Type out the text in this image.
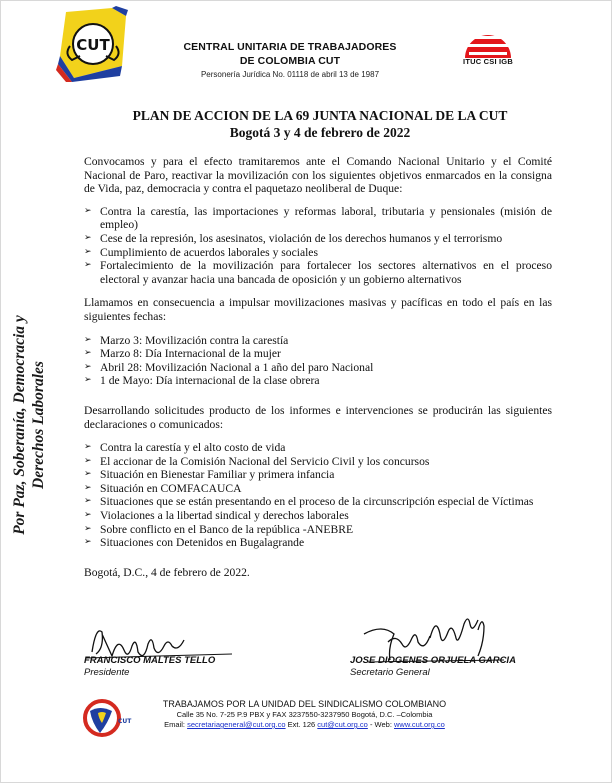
CUT	CENTRAL UNITARIA DE TRABAJADORES
DE COLOMBIA CUT
Personería Jurídica No. 01118 de abril 13 de 1987
ITUC CSI IGB
PLAN DE ACCION DE LA 69 JUNTA NACIONAL DE LA CUT
Bogotá 3 y 4 de febrero de 2022
Por Paz, Soberanía, Democracia y Derechos Laborales

Convocamos y para el efecto tramitaremos ante el Comando Nacional Unitario y el Comité Nacional de Paro, reactivar la movilización con los siguientes objetivos enmarcados en la consigna de Vida, paz, democracia y contra el paquetazo neoliberal de Duque:

➢ Contra la carestía, las importaciones y reformas laboral, tributaria y pensionales (misión de empleo)
➢ Cese de la represión, los asesinatos, violación de los derechos humanos y el terrorismo
➢ Cumplimiento de acuerdos laborales y sociales
➢ Fortalecimiento de la movilización para fortalecer los sectores alternativos en el proceso electoral y avanzar hacia una bancada de oposición y un gobierno alternativos

Llamamos en consecuencia a impulsar movilizaciones masivas y pacíficas en todo el país en las siguientes fechas:

➢ Marzo 3: Movilización contra la carestía
➢ Marzo 8: Día Internacional de la mujer
➢ Abril 28: Movilización Nacional a 1 año del paro Nacional
➢ 1 de Mayo: Día internacional de la clase obrera

Desarrollando solicitudes producto de los informes e intervenciones se producirán las siguientes declaraciones o comunicados:

➢ Contra la carestía y el alto costo de vida
➢ El accionar de la Comisión Nacional del Servicio Civil y los concursos
➢ Situación en Bienestar Familiar y primera infancia
➢ Situación en COMFACAUCA
➢ Situaciones que se están presentando en el proceso de la circunscripción especial de Víctimas
➢ Violaciones a la libertad sindical y derechos laborales
➢ Sobre conflicto en el Banco de la república -ANEBRE
➢ Situaciones con Detenidos en Bugalagrande

Bogotá, D.C., 4 de febrero de 2022.

FRANCISCO MALTES TELLO
Presidente
JOSE DIOGENES ORJUELA GARCIA
Secretario General
CUT
TRABAJAMOS POR LA UNIDAD DEL SINDICALISMO COLOMBIANO
Calle 35 No. 7-25 P.9 PBX y FAX 3237550-3237950 Bogotá, D.C. –Colombia
Email: secretariageneral@cut.org.co Ext. 126 cut@cut.org.co - Web: www.cut.org.co
